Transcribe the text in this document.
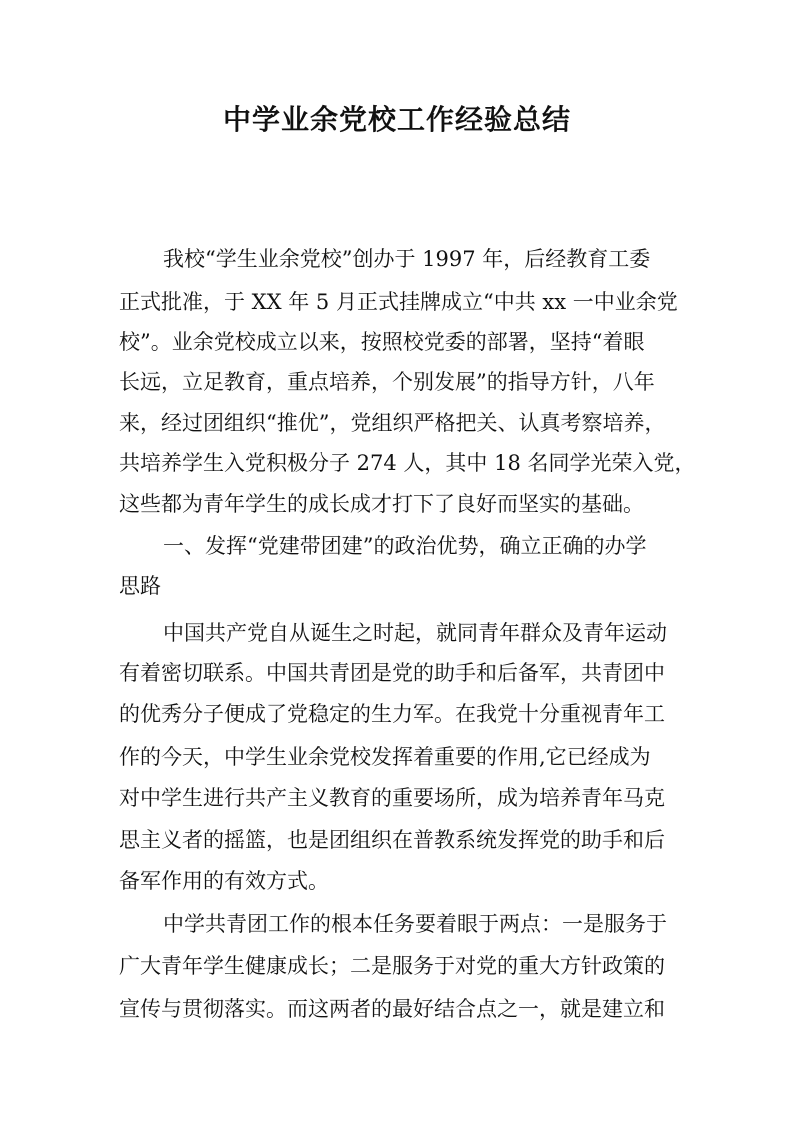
中学业余党校工作经验总结
我校“学生业余党校”创办于 1997 年，后经教育工委
正式批准，于 XX 年 5 月正式挂牌成立“中共 xx 一中业余党
校”。业余党校成立以来，按照校党委的部署，坚持“着眼
长远，立足教育，重点培养，个别发展”的指导方针，八年
来，经过团组织“推优”，党组织严格把关、认真考察培养，
共培养学生入党积极分子 274 人，其中 18 名同学光荣入党，
这些都为青年学生的成长成才打下了良好而坚实的基础。
一、发挥“党建带团建”的政治优势，确立正确的办学
思路
中国共产党自从诞生之时起，就同青年群众及青年运动
有着密切联系。中国共青团是党的助手和后备军，共青团中
的优秀分子便成了党稳定的生力军。在我党十分重视青年工
作的今天，中学生业余党校发挥着重要的作用,它已经成为
对中学生进行共产主义教育的重要场所，成为培养青年马克
思主义者的摇篮，也是团组织在普教系统发挥党的助手和后
备军作用的有效方式。
中学共青团工作的根本任务要着眼于两点：一是服务于
广大青年学生健康成长；二是服务于对党的重大方针政策的
宣传与贯彻落实。而这两者的最好结合点之一，就是建立和
